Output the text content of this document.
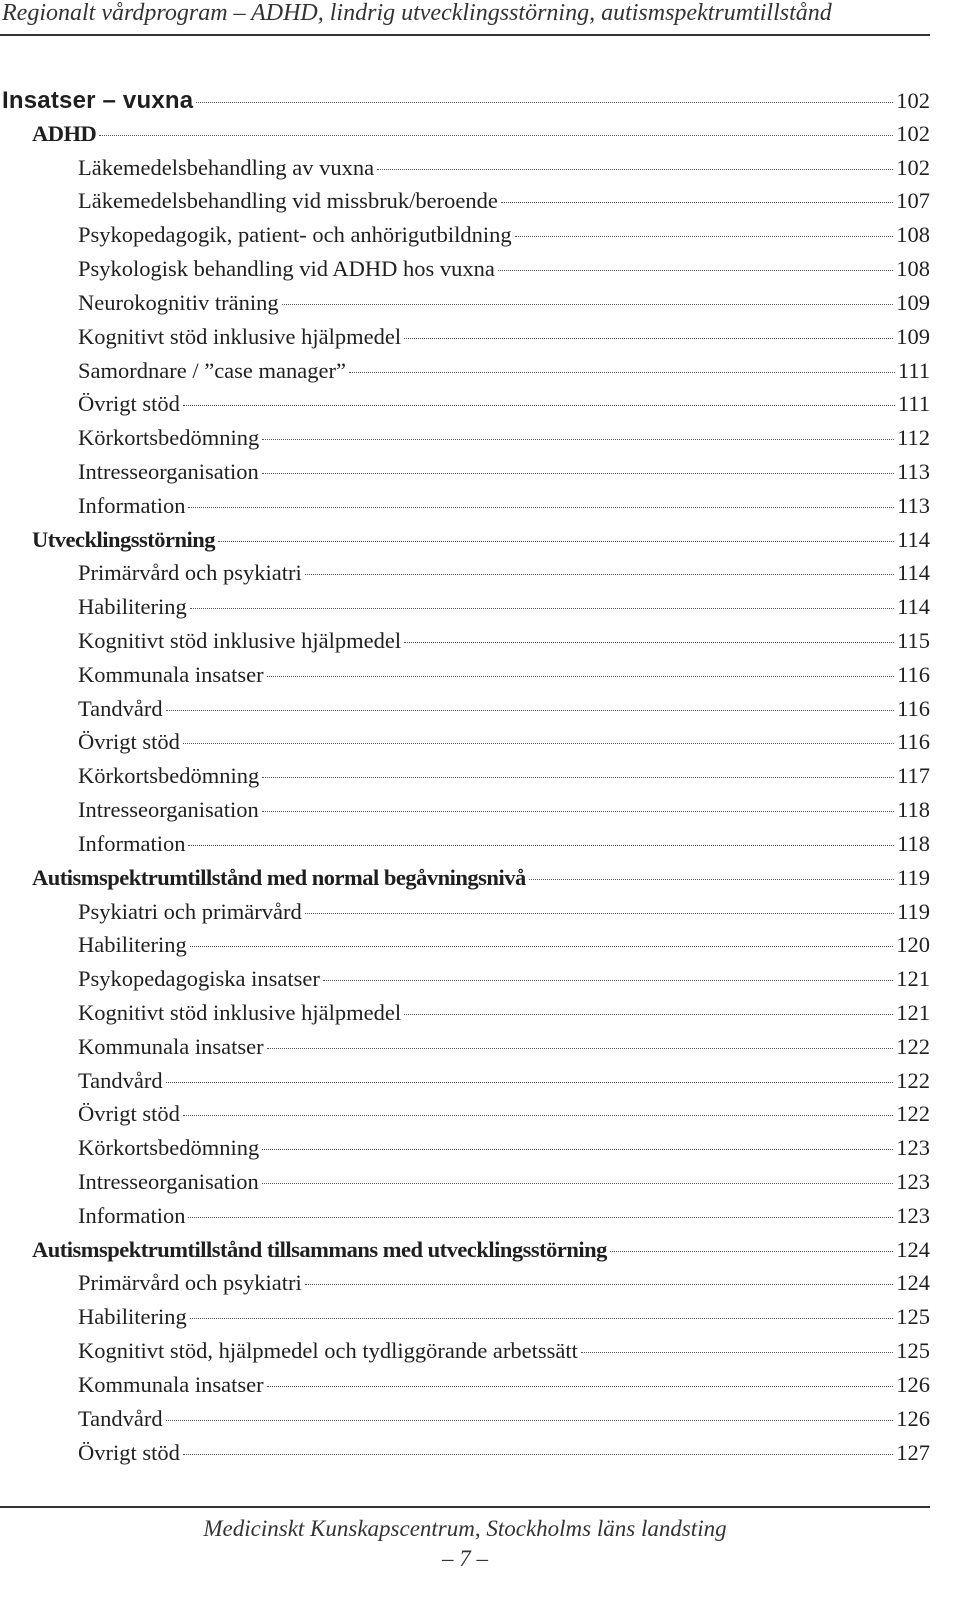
Regionalt vårdprogram – ADHD, lindrig utvecklingsstörning, autismspektrumtillstånd
Insatser – vuxna	102
ADHD	102
Läkemedelsbehandling av vuxna	102
Läkemedelsbehandling vid missbruk/beroende	107
Psykopedagogik, patient- och anhörigutbildning	108
Psykologisk behandling vid ADHD hos vuxna	108
Neurokognitiv träning	109
Kognitivt stöd inklusive hjälpmedel	109
Samordnare / ”case manager”	111
Övrigt stöd	111
Körkortsbedömning	112
Intresseorganisation	113
Information	113
Utvecklingsstörning	114
Primärvård och psykiatri	114
Habilitering	114
Kognitivt stöd inklusive hjälpmedel	115
Kommunala insatser	116
Tandvård	116
Övrigt stöd	116
Körkortsbedömning	117
Intresseorganisation	118
Information	118
Autismspektrumtillstånd med normal begåvningsnivå	119
Psykiatri och primärvård	119
Habilitering	120
Psykopedagogiska insatser	121
Kognitivt stöd inklusive hjälpmedel	121
Kommunala insatser	122
Tandvård	122
Övrigt stöd	122
Körkortsbedömning	123
Intresseorganisation	123
Information	123
Autismspektrumtillstånd tillsammans med utvecklingsstörning	124
Primärvård och psykiatri	124
Habilitering	125
Kognitivt stöd, hjälpmedel och tydliggörande arbetssätt	125
Kommunala insatser	126
Tandvård	126
Övrigt stöd	127
Medicinskt Kunskapscentrum, Stockholms läns landsting
– 7 –
